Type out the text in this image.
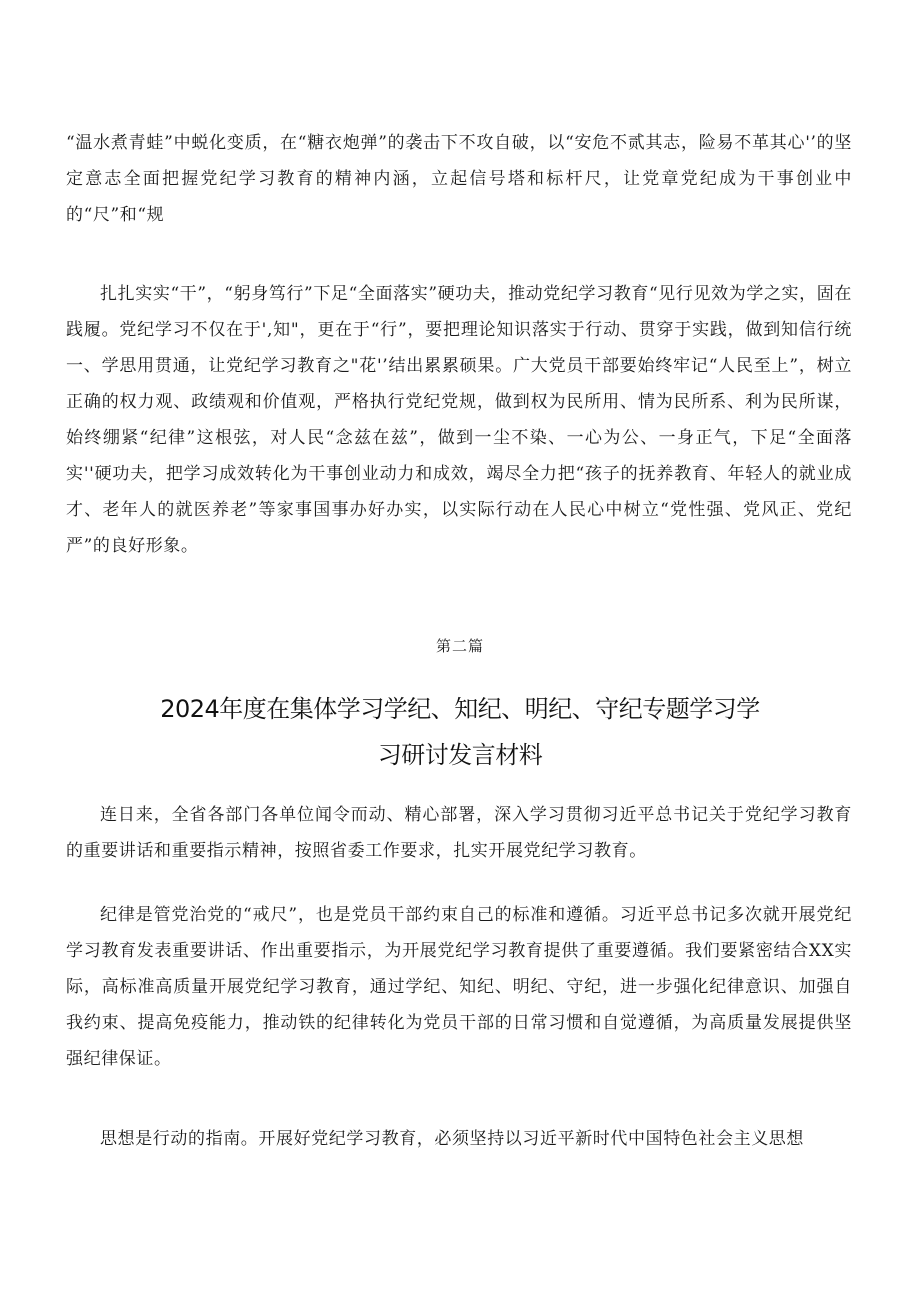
“温水煮青蛙”中蜕化变质，在“糖衣炮弹”的袭击下不攻自破，以“安危不贰其志，险易不革其心'’的坚定意志全面把握党纪学习教育的精神内涵，立起信号塔和标杆尺，让党章党纪成为干事创业中的“尺”和“规

扎扎实实“干”，“躬身笃行”下足“全面落实”硬功夫，推动党纪学习教育“见行见效为学之实，固在践履。党纪学习不仅在于',知"，更在于“行”，要把理论知识落实于行动、贯穿于实践，做到知信行统一、学思用贯通，让党纪学习教育之"花'’结出累累硕果。广大党员干部要始终牢记“人民至上”，树立正确的权力观、政绩观和价值观，严格执行党纪党规，做到权为民所用、情为民所系、利为民所谋，始终绷紧“纪律”这根弦，对人民“念兹在兹”，做到一尘不染、一心为公、一身正气，下足“全面落实''硬功夫，把学习成效转化为干事创业动力和成效，竭尽全力把“孩子的抚养教育、年轻人的就业成才、老年人的就医养老”等家事国事办好办实，以实际行动在人民心中树立“党性强、党风正、党纪严”的良好形象。

第二篇
2024年度在集体学习学纪、知纪、明纪、守纪专题学习学
习研讨发言材料

连日来，全省各部门各单位闻令而动、精心部署，深入学习贯彻习近平总书记关于党纪学习教育的重要讲话和重要指示精神，按照省委工作要求，扎实开展党纪学习教育。

纪律是管党治党的“戒尺”，也是党员干部约束自己的标准和遵循。习近平总书记多次就开展党纪学习教育发表重要讲话、作出重要指示，为开展党纪学习教育提供了重要遵循。我们要紧密结合XX实际，高标准高质量开展党纪学习教育，通过学纪、知纪、明纪、守纪，进一步强化纪律意识、加强自我约束、提高免疫能力，推动铁的纪律转化为党员干部的日常习惯和自觉遵循，为高质量发展提供坚强纪律保证。

思想是行动的指南。开展好党纪学习教育，必须坚持以习近平新时代中国特色社会主义思想
